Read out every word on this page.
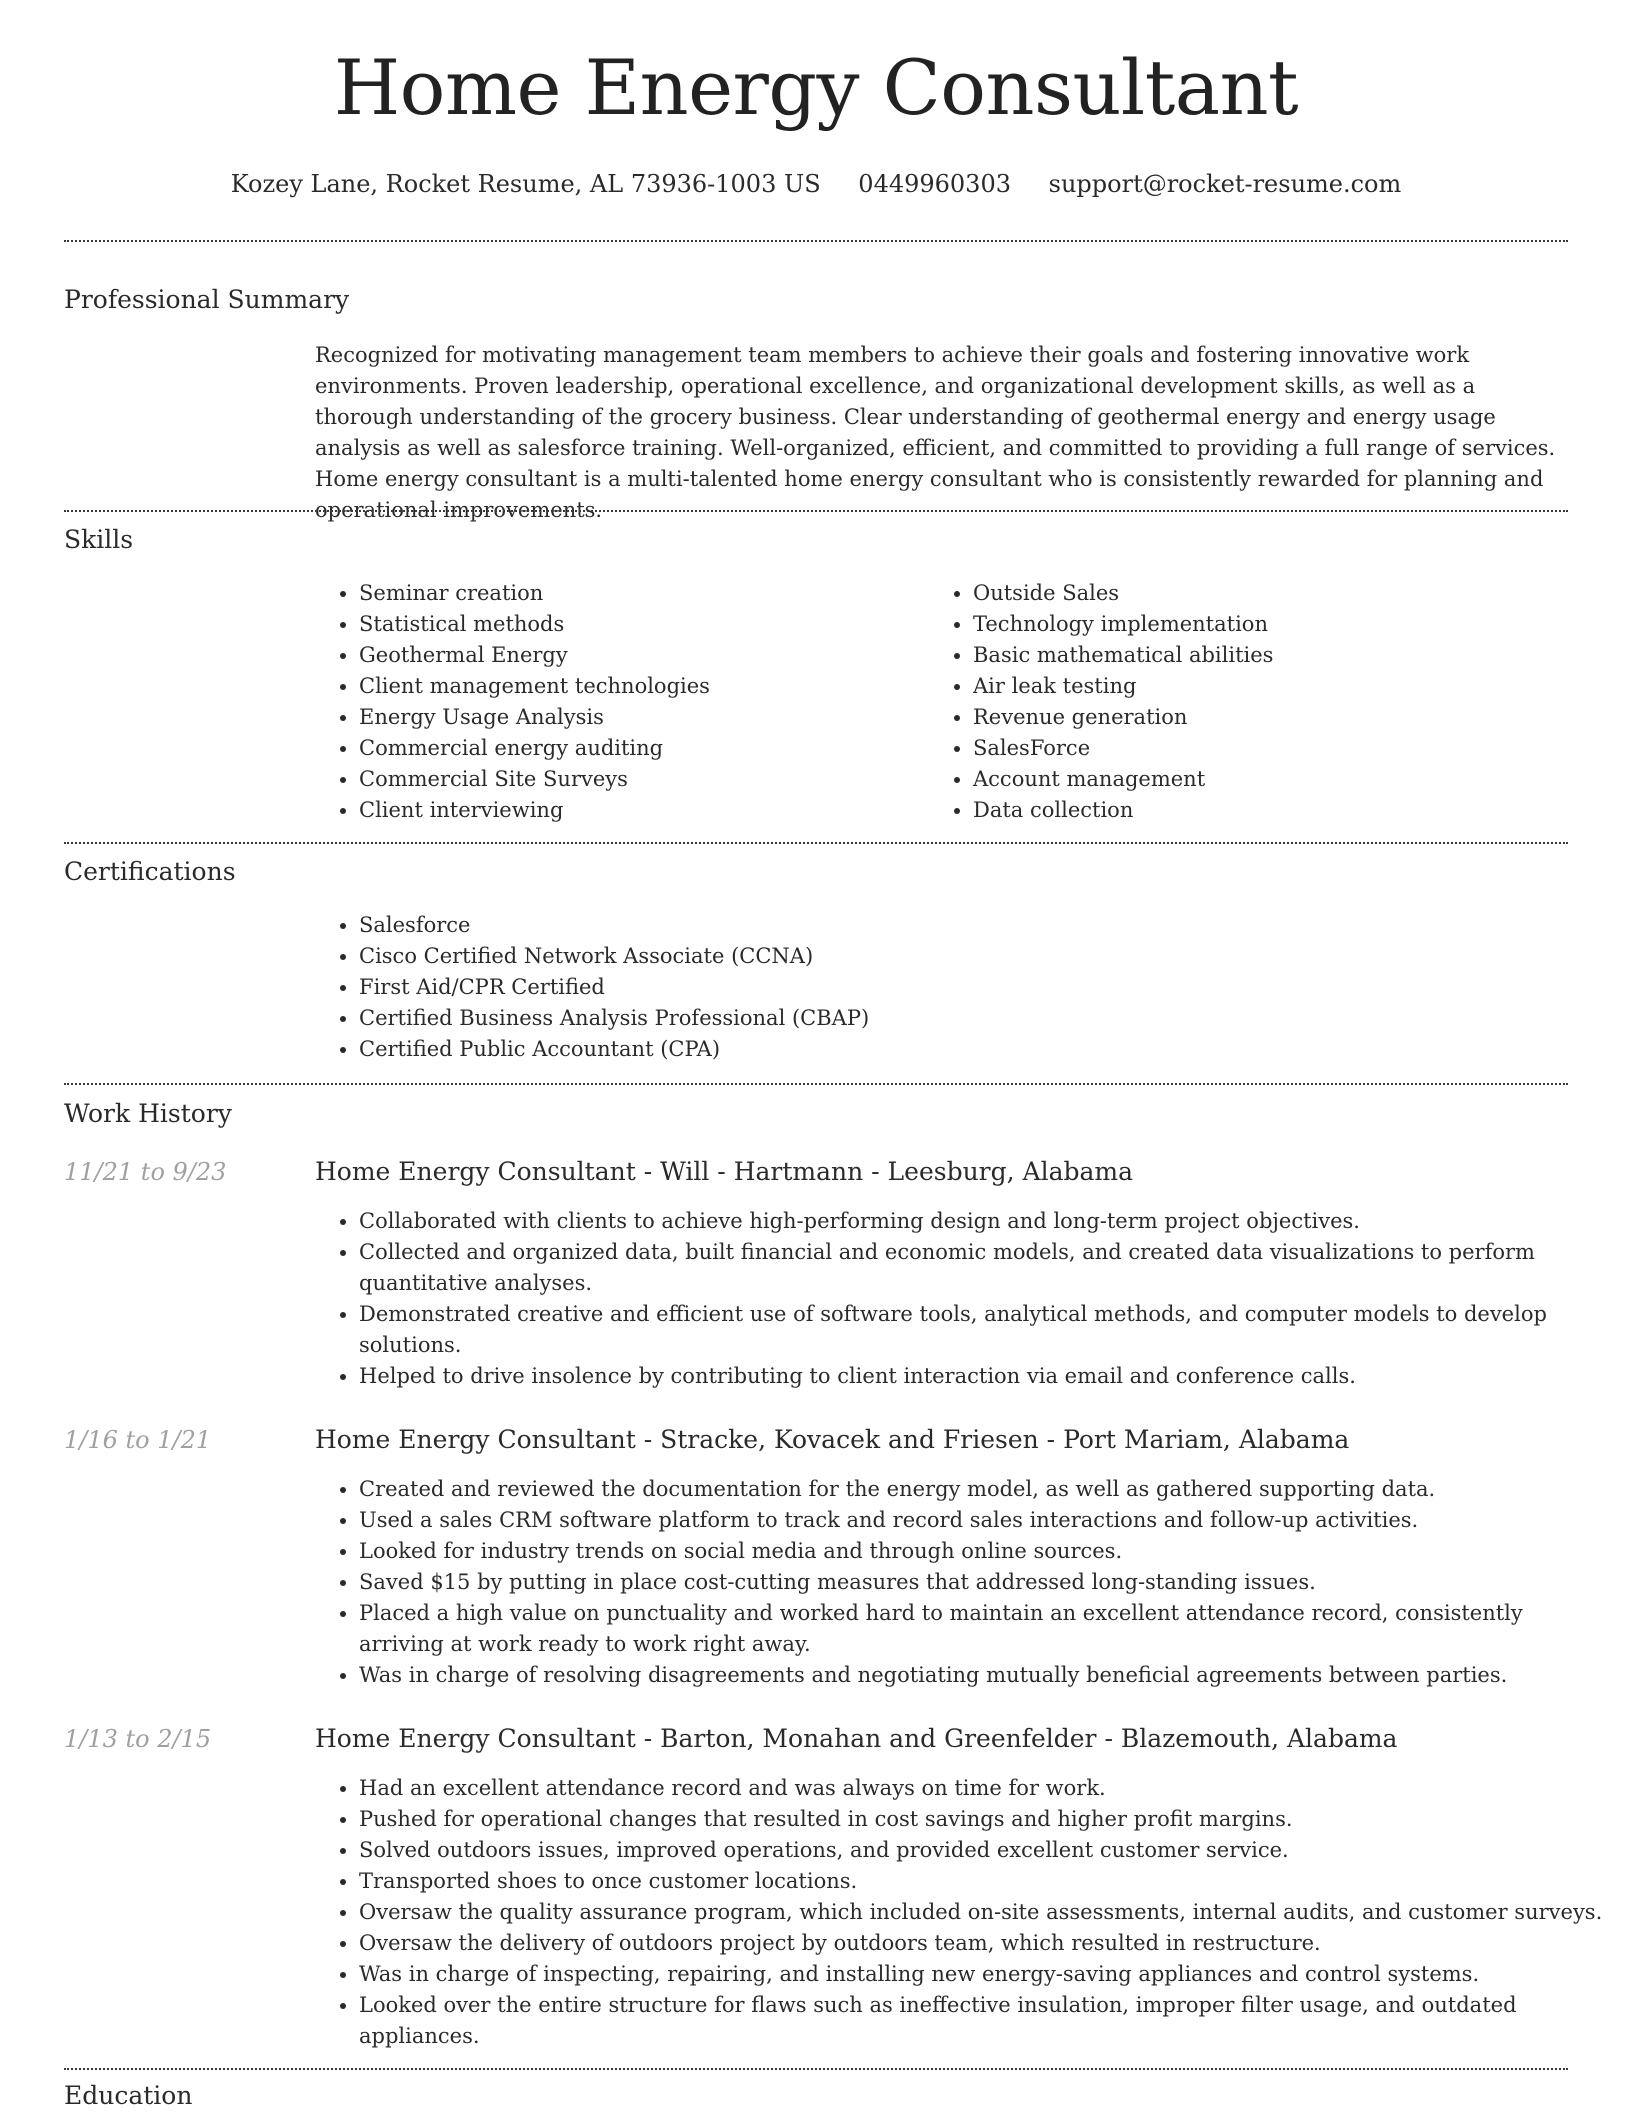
Home Energy Consultant
Kozey Lane, Rocket Resume, AL 73936-1003 US 0449960303 support@rocket-resume.com
Professional Summary

Recognized for motivating management team members to achieve their goals and fostering innovative work environments. Proven leadership, operational excellence, and organizational development skills, as well as a thorough understanding of the grocery business. Clear understanding of geothermal energy and energy usage analysis as well as salesforce training. Well-organized, efficient, and committed to providing a full range of services. Home energy consultant is a multi-talented home energy consultant who is consistently rewarded for planning and operational improvements.

Skills
• Seminar creation
• Statistical methods
• Geothermal Energy
• Client management technologies
• Energy Usage Analysis
• Commercial energy auditing
• Commercial Site Surveys
• Client interviewing
• Outside Sales
• Technology implementation
• Basic mathematical abilities
• Air leak testing
• Revenue generation
• SalesForce
• Account management
• Data collection
Certifications
• Salesforce
• Cisco Certified Network Associate (CCNA)
• First Aid/CPR Certified
• Certified Business Analysis Professional (CBAP)
• Certified Public Accountant (CPA)
Work History
11/21 to 9/23	Home Energy Consultant - Will - Hartmann - Leesburg, Alabama
• Collaborated with clients to achieve high-performing design and long-term project objectives.
• Collected and organized data, built financial and economic models, and created data visualizations to perform quantitative analyses.
• Demonstrated creative and efficient use of software tools, analytical methods, and computer models to develop solutions.
• Helped to drive insolence by contributing to client interaction via email and conference calls.
1/16 to 1/21	Home Energy Consultant - Stracke, Kovacek and Friesen - Port Mariam, Alabama
• Created and reviewed the documentation for the energy model, as well as gathered supporting data.
• Used a sales CRM software platform to track and record sales interactions and follow-up activities.
• Looked for industry trends on social media and through online sources.
• Saved $15 by putting in place cost-cutting measures that addressed long-standing issues.
• Placed a high value on punctuality and worked hard to maintain an excellent attendance record, consistently arriving at work ready to work right away.
• Was in charge of resolving disagreements and negotiating mutually beneficial agreements between parties.
1/13 to 2/15	Home Energy Consultant - Barton, Monahan and Greenfelder - Blazemouth, Alabama
• Had an excellent attendance record and was always on time for work.
• Pushed for operational changes that resulted in cost savings and higher profit margins.
• Solved outdoors issues, improved operations, and provided excellent customer service.
• Transported shoes to once customer locations.
• Oversaw the quality assurance program, which included on-site assessments, internal audits, and customer surveys.
• Oversaw the delivery of outdoors project by outdoors team, which resulted in restructure.
• Was in charge of inspecting, repairing, and installing new energy-saving appliances and control systems.
• Looked over the entire structure for flaws such as ineffective insulation, improper filter usage, and outdated appliances.
Education
